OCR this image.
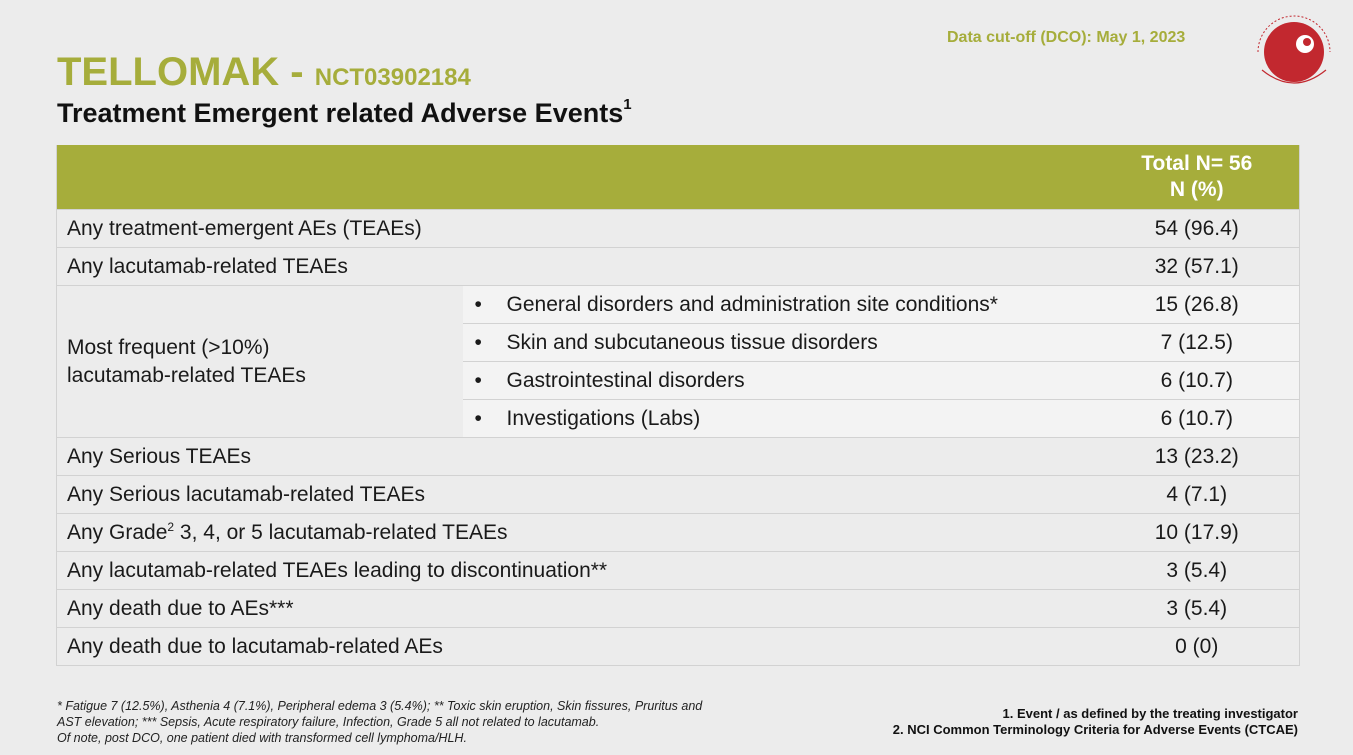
Data cut-off (DCO): May 1, 2023
TELLOMAK - NCT03902184
Treatment Emergent related Adverse Events$^1$

		Total N= 56
N (%)

Any treatment-emergent AEs (TEAEs)		54 (96.4)
Any lacutamab-related TEAEs		32 (57.1)

Most frequent (>10%)
lacutamab-related TEAEs	• General disorders and administration site conditions*	15 (26.8)
	• Skin and subcutaneous tissue disorders	7 (12.5)
	• Gastrointestinal disorders	6 (10.7)
	• Investigations (Labs)	6 (10.7)
Any Serious TEAEs		13 (23.2)
Any Serious lacutamab-related TEAEs		4 (7.1)
Any Grade$^2$ 3, 4, or 5 lacutamab-related TEAEs		10 (17.9)
Any lacutamab-related TEAEs leading to discontinuation**		3 (5.4)
Any death due to AEs***		3 (5.4)
Any death due to lacutamab-related AEs		0 (0)
* Fatigue 7 (12.5%), Asthenia 4 (7.1%), Peripheral edema 3 (5.4%); ** Toxic skin eruption, Skin fissures, Pruritus and
AST elevation; *** Sepsis, Acute respiratory failure, Infection, Grade 5 all not related to lacutamab.
Of note, post DCO, one patient died with transformed cell lymphoma/HLH.
1. Event / as defined by the treating investigator
2. NCI Common Terminology Criteria for Adverse Events (CTCAE)
